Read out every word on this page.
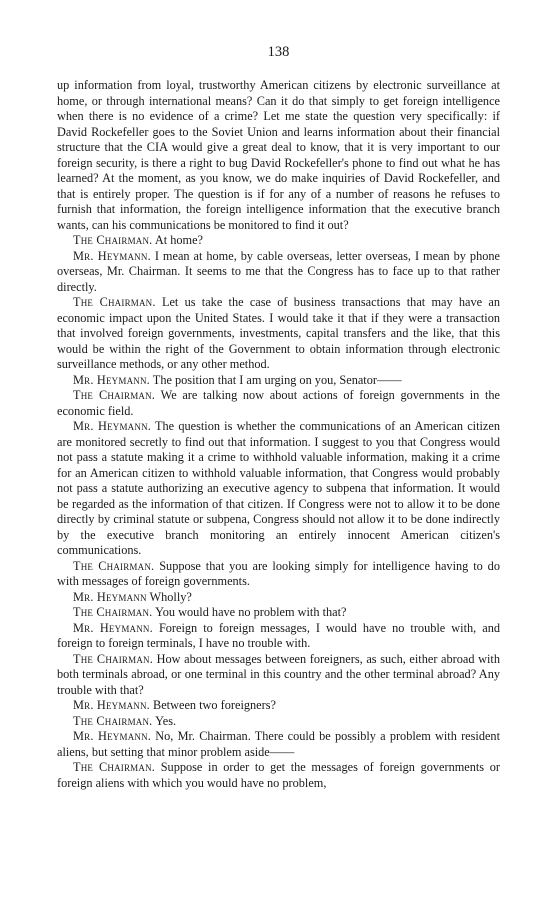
138

up information from loyal, trustworthy American citizens by electronic surveillance at home, or through international means? Can it do that simply to get foreign intelligence when there is no evidence of a crime? Let me state the question very specifically: if David Rockefeller goes to the Soviet Union and learns information about their financial structure that the CIA would give a great deal to know, that it is very important to our foreign security, is there a right to bug David Rockefeller's phone to find out what he has learned? At the moment, as you know, we do make inquiries of David Rockefeller, and that is entirely proper. The question is if for any of a number of reasons he refuses to furnish that information, the foreign intelligence information that the executive branch wants, can his communications be monitored to find it out?

The Chairman. At home?

Mr. Heymann. I mean at home, by cable overseas, letter overseas, I mean by phone overseas, Mr. Chairman. It seems to me that the Congress has to face up to that rather directly.

The Chairman. Let us take the case of business transactions that may have an economic impact upon the United States. I would take it that if they were a transaction that involved foreign governments, investments, capital transfers and the like, that this would be within the right of the Government to obtain information through electronic surveillance methods, or any other method.

Mr. Heymann. The position that I am urging on you, Senator——

The Chairman. We are talking now about actions of foreign governments in the economic field.

Mr. Heymann. The question is whether the communications of an American citizen are monitored secretly to find out that information. I suggest to you that Congress would not pass a statute making it a crime to withhold valuable information, making it a crime for an American citizen to withhold valuable information, that Congress would probably not pass a statute authorizing an executive agency to subpena that information. It would be regarded as the information of that citizen. If Congress were not to allow it to be done directly by criminal statute or subpena, Congress should not allow it to be done indirectly by the executive branch monitoring an entirely innocent American citizen's communications.

The Chairman. Suppose that you are looking simply for intelligence having to do with messages of foreign governments.

Mr. Heymann Wholly?

The Chairman. You would have no problem with that?

Mr. Heymann. Foreign to foreign messages, I would have no trouble with, and foreign to foreign terminals, I have no trouble with.

The Chairman. How about messages between foreigners, as such, either abroad with both terminals abroad, or one terminal in this country and the other terminal abroad? Any trouble with that?

Mr. Heymann. Between two foreigners?

The Chairman. Yes.

Mr. Heymann. No, Mr. Chairman. There could be possibly a problem with resident aliens, but setting that minor problem aside——

The Chairman. Suppose in order to get the messages of foreign governments or foreign aliens with which you would have no problem,
